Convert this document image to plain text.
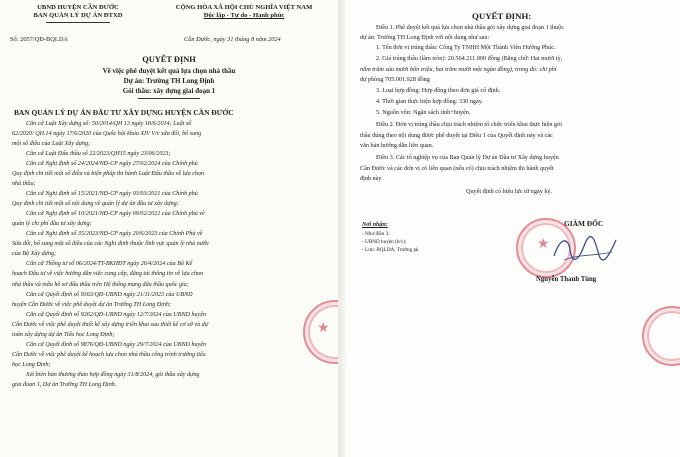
UBND HUYỆN CẦN ĐƯỚC
BAN QUẢN LÝ DỰ ÁN ĐTXD
CỘNG HÒA XÃ HỘI CHỦ NGHĨA VIỆT NAM
Độc lập - Tự do - Hạnh phúc
Số: 2057/QĐ-BQLDA	Cần Đước, ngày 31 tháng 8 năm 2024
QUYẾT ĐỊNH
Về việc phê duyệt kết quả lựa chọn nhà thầu
Dự án: Trường TH Long Định
Gói thầu: xây dựng giai đoạn 1
BAN QUẢN LÝ DỰ ÁN ĐẦU TƯ XÂY DỰNG HUYỆN CẦN ĐƯỚC
Căn cứ Luật Xây dựng số: 50/2014/QH 13 ngày 18/6/2014; Luật số
62/2020/ QH.14 ngày 17/6/2020 của Quốc hội khóa XIV V/v sửa đổi, bổ sung
một số điều của Luật Xây dựng;
Căn cứ Luật Đấu thầu số 22/2023/QH15 ngày 23/06/2023;
Căn cứ Nghị định số 24/2024/NĐ-CP ngày 27/02/2024 của Chính phủ
Quy định chi tiết một số điều và biện pháp thi hành Luật Đấu thầu về lựa chọn
nhà thầu;
Căn cứ Nghị định số 15/2021/NĐ-CP ngày 03/03/2021 của Chính phủ
Quy định chi tiết một số nội dung về quản lý dự án đầu tư xây dựng;
Căn cứ Nghị định số 10/2021/NĐ-CP ngày 09/02/2021 của Chính phủ về
quản lý chi phí đầu tư xây dựng;
Căn cứ Nghị định số 35/2023/NĐ-CP ngày 20/6/2023 của Chính Phủ về
Sửa đổi, bổ sung một số điều của các Nghị định thuộc lĩnh vực quản lý nhà nước
của Bộ Xây dựng;
Căn cứ Thông tư số 06/2024/TT-BKHĐT ngày 26/4/2024 của Bộ Kế
hoạch Đầu tư về việc hướng dẫn việc cung cấp, đăng tải thông tin về lựa chọn
nhà thầu và mẫu hồ sơ đấu thầu trên Hệ thống mạng đấu thầu quốc gia;
Căn cứ Quyết định số 9363/QĐ-UBND ngày 21/11/2023 của UBND
huyện Cần Đước về việc phê duyệt dự án Trường TH Long Định;
Căn cứ Quyết định số 9262/QĐ-UBND ngày 12/7/2024 của UBND huyện
Cần Đước về việc phê duyệt thiết kế xây dựng triển khai sau thiết kế cơ sở và dự
toán xây dựng dự án Tiểu học Long Định;
Căn cứ Quyết định số 9876/QĐ-UBND ngày 29/7/2024 của UBND huyện
Cần Đước về việc phê duyệt kế hoạch lựa chọn nhà thầu công trình trường tiểu
học Long Định;
Xét biên bản thương thảo hợp đồng ngày 31/8/2024, gói thầu xây dựng
giai đoạn 1, Dự án Trường TH Long Định.
★
QUYẾT ĐỊNH:
Điều 1. Phê duyệt kết quả lựa chọn nhà thầu gói xây dựng giai đoạn 1 thuộc
dự án: Trường TH Long Định với nội dung như sau:
1. Tên đơn vị trúng thầu: Công Ty TNHH Một Thành Viên Hướng Phúc.
2. Giá trúng thầu (làm tròn): 20.564.211.000 đồng (Bằng chữ: Hai mươi tỷ,
năm trăm sáu mươi bốn triệu, hai trăm mười một ngàn đồng), trong đó: chi phí
dự phòng 705.001.928 đồng
3. Loại hợp đồng: Hợp đồng theo đơn giá cố định.
4. Thời gian thực hiện hợp đồng: 330 ngày.
5. Nguồn vốn: Ngân sách tỉnh+huyện.
Điều 2. Đơn vị trúng thầu chịu trách nhiệm tổ chức triển khai thực hiện gói
thầu đúng theo nội dung được phê duyệt tại Điều 1 của Quyết định này và các
văn bản hướng dẫn liên quan.
Điều 3. Các tổ nghiệp vụ của Ban Quản lý Dự án Đầu tư Xây dựng huyện
Cần Đước và các đơn vị có liên quan (nếu có) chịu trách nhiệm thi hành quyết
định này.
Quyết định có hiệu lực từ ngày ký.
Nơi nhận:
- Như điều 3;
- UBND huyện (b/c);
- Lưu: BQLDA, Trường pk
GIÁM ĐỐC
★
Nguyễn Thanh Tùng
